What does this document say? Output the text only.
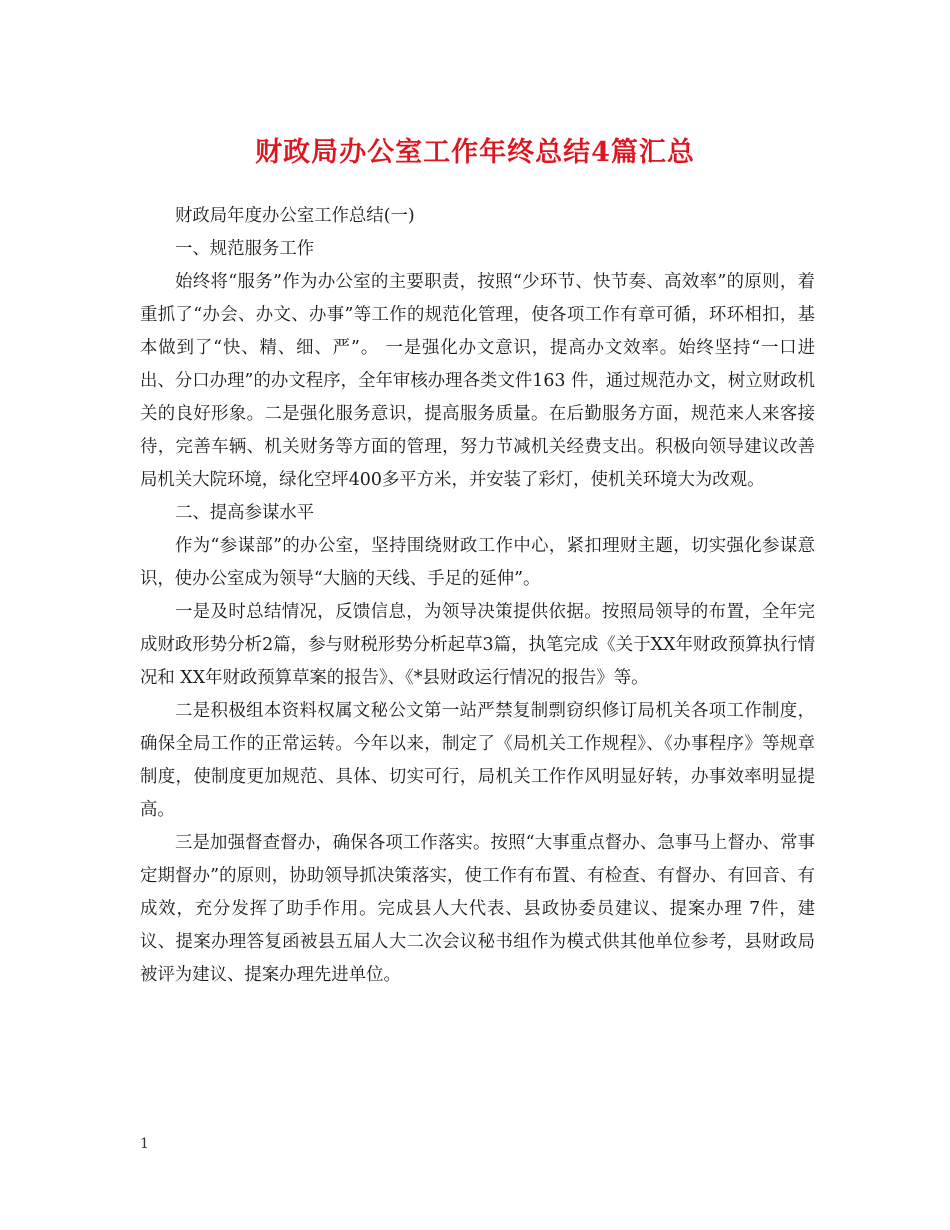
财政局办公室工作年终总结4篇汇总

财政局年度办公室工作总结(一)

一、规范服务工作

始终将“服务”作为办公室的主要职责，按照“少环节、快节奏、高效率”的原则，着重抓了“办会、办文、办事”等工作的规范化管理，使各项工作有章可循，环环相扣，基本做到了“快、精、细、严”。 一是强化办文意识，提高办文效率。始终坚持“一口进出、分口办理”的办文程序，全年审核办理各类文件163 件，通过规范办文，树立财政机关的良好形象。二是强化服务意识，提高服务质量。在后勤服务方面，规范来人来客接待，完善车辆、机关财务等方面的管理，努力节减机关经费支出。积极向领导建议改善局机关大院环境，绿化空坪400多平方米，并安装了彩灯，使机关环境大为改观。

二、提高参谋水平

作为“参谋部”的办公室，坚持围绕财政工作中心，紧扣理财主题，切实强化参谋意识，使办公室成为领导“大脑的天线、手足的延伸”。

一是及时总结情况，反馈信息，为领导决策提供依据。按照局领导的布置，全年完成财政形势分析2篇，参与财税形势分析起草3篇，执笔完成《关于XX年财政预算执行情况和 XX年财政预算草案的报告》、《*县财政运行情况的报告》等。

二是积极组本资料权属文秘公文第一站严禁复制剽窃织修订局机关各项工作制度，确保全局工作的正常运转。今年以来，制定了《局机关工作规程》、《办事程序》等规章制度，使制度更加规范、具体、切实可行，局机关工作作风明显好转，办事效率明显提高。

三是加强督查督办，确保各项工作落实。按照“大事重点督办、急事马上督办、常事定期督办”的原则，协助领导抓决策落实，使工作有布置、有检查、有督办、有回音、有成效，充分发挥了助手作用。完成县人大代表、县政协委员建议、提案办理 7件，建议、提案办理答复函被县五届人大二次会议秘书组作为模式供其他单位参考，县财政局被评为建议、提案办理先进单位。

1
